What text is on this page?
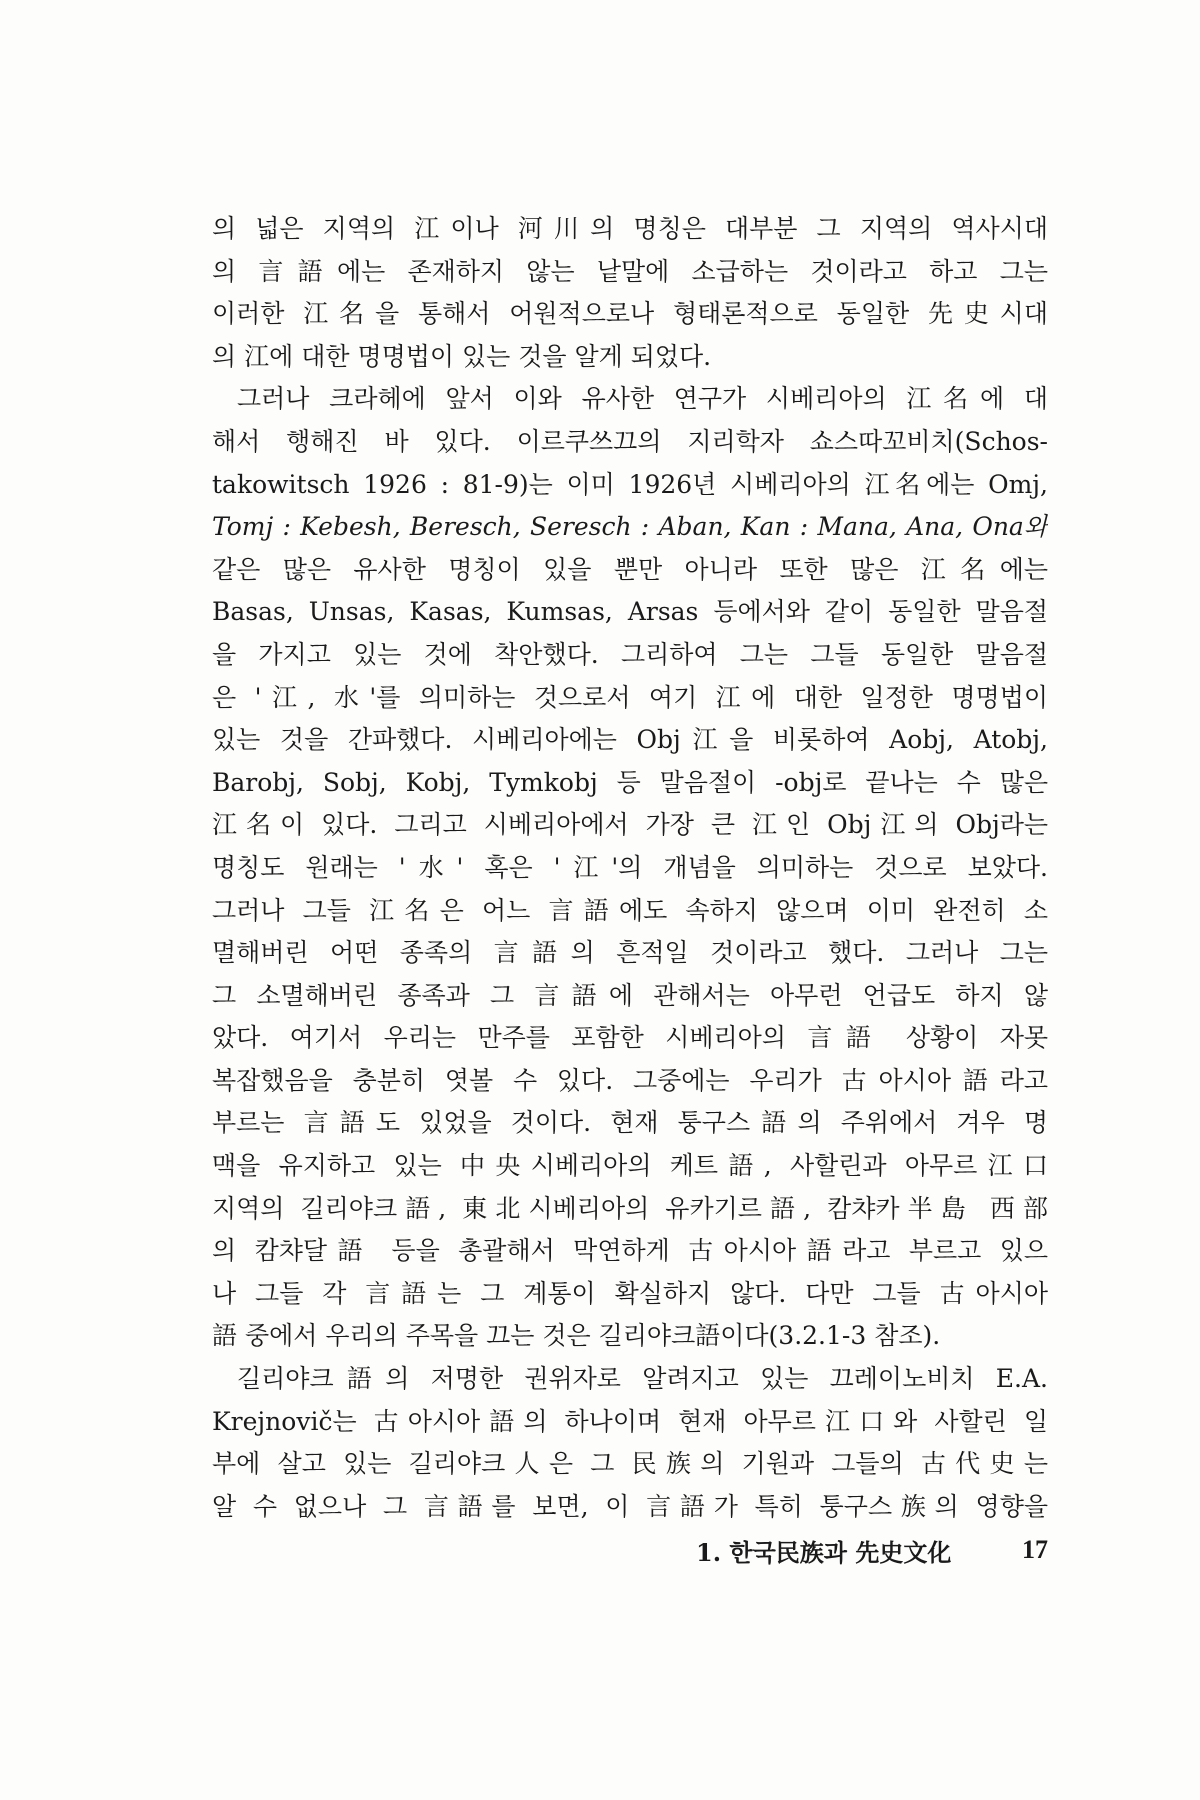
의 넓은 지역의 江이나 河川의 명칭은 대부분 그 지역의 역사시대
의 言語에는 존재하지 않는 낱말에 소급하는 것이라고 하고 그는
이러한 江名을 통해서 어원적으로나 형태론적으로 동일한 先史시대
의 江에 대한 명명법이 있는 것을 알게 되었다.
그러나 크라헤에 앞서 이와 유사한 연구가 시베리아의 江名에 대
해서 행해진 바 있다. 이르쿠쓰끄의 지리학자 쇼스따꼬비치(Schos-
takowitsch 1926 : 81-9)는 이미 1926년 시베리아의 江名에는 Omj,
Tomj : Kebesh, Beresch, Seresch : Aban, Kan : Mana, Ana, Ona와
같은 많은 유사한 명칭이 있을 뿐만 아니라 또한 많은 江名에는
Basas, Unsas, Kasas, Kumsas, Arsas 등에서와 같이 동일한 말음절
을 가지고 있는 것에 착안했다. 그리하여 그는 그들 동일한 말음절
은 '江, 水'를 의미하는 것으로서 여기 江에 대한 일정한 명명법이
있는 것을 간파했다. 시베리아에는 Obj江을 비롯하여 Aobj, Atobj,
Barobj, Sobj, Kobj, Tymkobj 등 말음절이 -obj로 끝나는 수 많은
江名이 있다. 그리고 시베리아에서 가장 큰 江인 Obj江의 Obj라는
명칭도 원래는 '水' 혹은 '江'의 개념을 의미하는 것으로 보았다.
그러나 그들 江名은 어느 言語에도 속하지 않으며 이미 완전히 소
멸해버린 어떤 종족의 言語의 흔적일 것이라고 했다. 그러나 그는
그 소멸해버린 종족과 그 言語에 관해서는 아무런 언급도 하지 않
았다. 여기서 우리는 만주를 포함한 시베리아의 言語 상황이 자못
복잡했음을 충분히 엿볼 수 있다. 그중에는 우리가 古아시아語라고
부르는 言語도 있었을 것이다. 현재 퉁구스語의 주위에서 겨우 명
맥을 유지하고 있는 中央시베리아의 케트語, 사할린과 아무르江口
지역의 길리야크語, 東北시베리아의 유카기르語, 캄챠카半島 西部
의 캄챠달語 등을 총괄해서 막연하게 古아시아語라고 부르고 있으
나 그들 각 言語는 그 계통이 확실하지 않다. 다만 그들 古아시아
語 중에서 우리의 주목을 끄는 것은 길리야크語이다(3.2.1-3 참조).
길리야크語의 저명한 권위자로 알려지고 있는 끄레이노비치 E.A.
Krejnovič는 古아시아語의 하나이며 현재 아무르江口와 사할린 일
부에 살고 있는 길리야크人은 그 民族의 기원과 그들의 古代史는
알 수 없으나 그 言語를 보면, 이 言語가 특히 퉁구스族의 영향을
1. 한국民族과 先史文化	17
